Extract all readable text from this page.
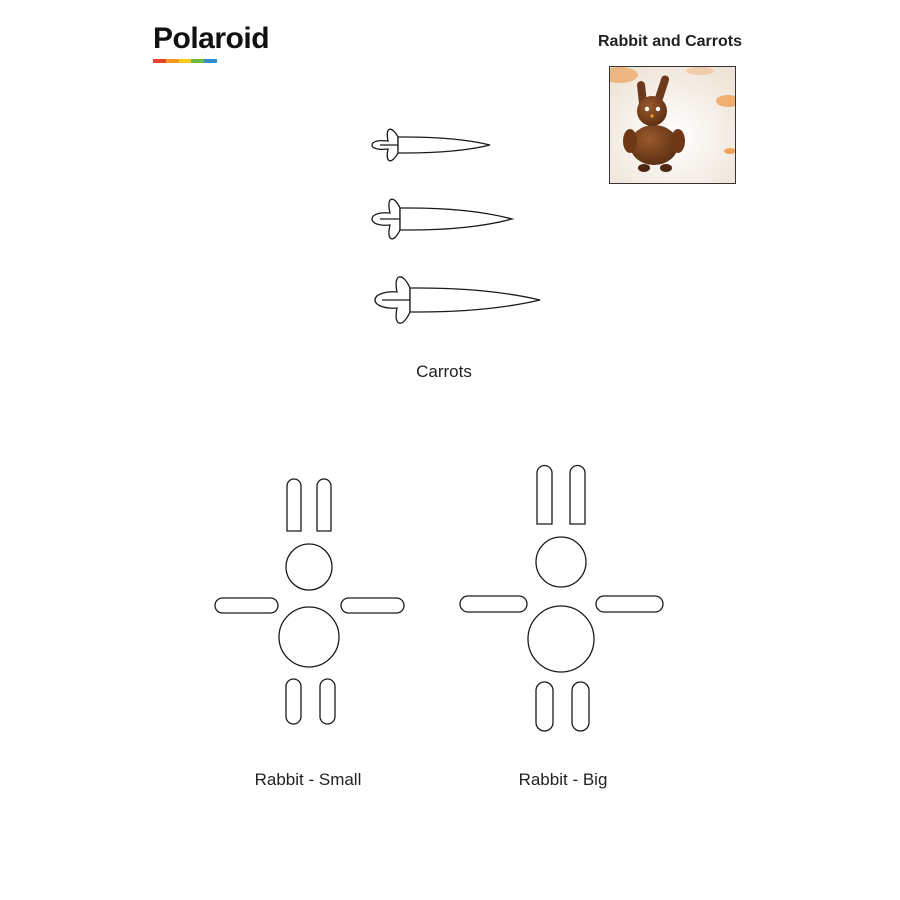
Polaroid	Rabbit and Carrots
Carrots
Rabbit - Small	Rabbit - Big
